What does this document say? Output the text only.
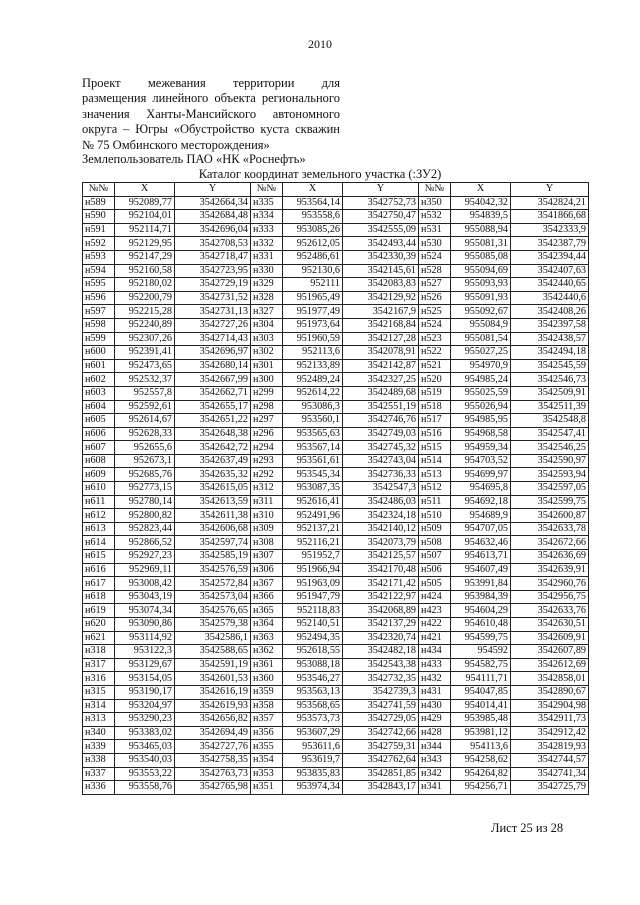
2010
Проект межевания территории для
размещения линейного объекта регионального
значения Ханты-Мансийского автономного
округа – Югры «Обустройство куста скважин
№ 75 Омбинского месторождения»
Землепользователь ПАО «НК «Роснефть»
Каталог координат земельного участка (:ЗУ2)
№№	X	Y	№№	X	Y	№№	X	Y
н589	952089,77	3542664,34	н335	953564,14	3542752,73	н350	954042,32	3542824,21
н590	952104,01	3542684,48	н334	953558,6	3542750,47	н532	954839,5	3541866,68
н591	952114,71	3542696,04	н333	953085,26	3542555,09	н531	955088,94	3542333,9
н592	952129,95	3542708,53	н332	952612,05	3542493,44	н530	955081,31	3542387,79
н593	952147,29	3542718,47	н331	952486,61	3542330,39	н524	955085,08	3542394,44
н594	952160,58	3542723,95	н330	952130,6	3542145,61	н528	955094,69	3542407,63
н595	952180,02	3542729,19	н329	952111	3542083,83	н527	955093,93	3542440,65
н596	952200,79	3542731,52	н328	951965,49	3542129,92	н526	955091,93	3542440,6
н597	952215,28	3542731,13	н327	951977,49	3542167,9	н525	955092,67	3542408,26
н598	952240,89	3542727,26	н304	951973,64	3542168,84	н524	955084,9	3542397,58
н599	952307,26	3542714,43	н303	951960,59	3542127,28	н523	955081,54	3542438,57
н600	952391,41	3542696,97	н302	952113,6	3542078,91	н522	955027,25	3542494,18
н601	952473,65	3542680,14	н301	952133,89	3542142,87	н521	954970,9	3542545,59
н602	952532,37	3542667,99	н300	952489,24	3542327,25	н520	954985,24	3542546,73
н603	952557,8	3542662,71	н299	952614,22	3542489,68	н519	955025,59	3542509,91
н604	952592,61	3542655,17	н298	953086,3	3542551,19	н518	955026,94	3542511,39
н605	952614,67	3542651,22	н297	953560,1	3542746,76	н517	954985,95	3542548,8
н606	952628,33	3542648,38	н296	953565,63	3542749,03	н516	954968,58	3542547,41
н607	952655,6	3542642,72	н294	953567,14	3542745,32	н515	954959,34	3542546,25
н608	952673,1	3542637,49	н293	953561,61	3542743,04	н514	954703,52	3542590,97
н609	952685,76	3542635,32	н292	953545,34	3542736,33	н513	954699,97	3542593,94
н610	952773,15	3542615,05	н312	953087,35	3542547,3	н512	954695,8	3542597,05
н611	952780,14	3542613,59	н311	952616,41	3542486,03	н511	954692,18	3542599,75
н612	952800,82	3542611,38	н310	952491,96	3542324,18	н510	954689,9	3542600,87
н613	952823,44	3542606,68	н309	952137,21	3542140,12	н509	954707,05	3542633,78
н614	952866,52	3542597,74	н308	952116,21	3542073,79	н508	954632,46	3542672,66
н615	952927,23	3542585,19	н307	951952,7	3542125,57	н507	954613,71	3542636,69
н616	952969,11	3542576,59	н306	951966,94	3542170,48	н506	954607,49	3542639,91
н617	953008,42	3542572,84	н367	951963,09	3542171,42	н505	953991,84	3542960,76
н618	953043,19	3542573,04	н366	951947,79	3542122,97	н424	953984,39	3542956,75
н619	953074,34	3542576,65	н365	952118,83	3542068,89	н423	954604,29	3542633,76
н620	953090,86	3542579,38	н364	952140,51	3542137,29	н422	954610,48	3542630,51
н621	953114,92	3542586,1	н363	952494,35	3542320,74	н421	954599,75	3542609,91
н318	953122,3	3542588,65	н362	952618,55	3542482,18	н434	954592	3542607,89
н317	953129,67	3542591,19	н361	953088,18	3542543,38	н433	954582,75	3542612,69
н316	953154,05	3542601,53	н360	953546,27	3542732,35	н432	954111,71	3542858,01
н315	953190,17	3542616,19	н359	953563,13	3542739,3	н431	954047,85	3542890,67
н314	953204,97	3542619,93	н358	953568,65	3542741,59	н430	954014,41	3542904,98
н313	953290,23	3542656,82	н357	953573,73	3542729,05	н429	953985,48	3542911,73
н340	953383,02	3542694,49	н356	953607,29	3542742,66	н428	953981,12	3542912,42
н339	953465,03	3542727,76	н355	953611,6	3542759,31	н344	954113,6	3542819,93
н338	953540,03	3542758,35	н354	953619,7	3542762,64	н343	954258,62	3542744,57
н337	953553,22	3542763,73	н353	953835,83	3542851,85	н342	954264,82	3542741,34
н336	953558,76	3542765,98	н351	953974,34	3542843,17	н341	954256,71	3542725,79
Лист 25 из 28
